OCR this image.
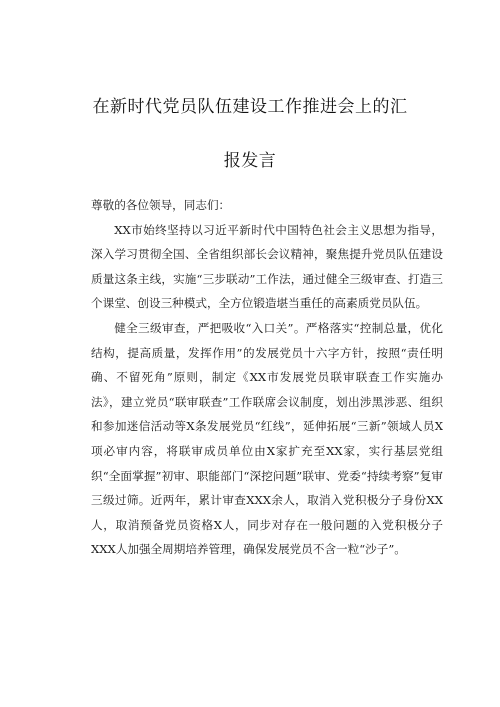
在新时代党员队伍建设工作推进会上的汇
报发言

尊敬的各位领导，同志们：

XX市始终坚持以习近平新时代中国特色社会主义思想为指导，深入学习贯彻全国、全省组织部长会议精神，聚焦提升党员队伍建设质量这条主线，实施“三步联动”工作法，通过健全三级审查、打造三个课堂、创设三种模式，全方位锻造堪当重任的高素质党员队伍。

健全三级审查，严把吸收“入口关”。严格落实“控制总量，优化结构，提高质量，发挥作用”的发展党员十六字方针，按照“责任明确、不留死角”原则，制定《XX市发展党员联审联查工作实施办法》，建立党员“联审联查”工作联席会议制度，划出涉黑涉恶、组织和参加迷信活动等X条发展党员“红线”，延伸拓展“三新”领域人员X项必审内容，将联审成员单位由X家扩充至XX家，实行基层党组织“全面掌握”初审、职能部门“深挖问题”联审、党委“持续考察”复审三级过筛。近两年，累计审查XXX余人，取消入党积极分子身份XX人，取消预备党员资格X人，同步对存在一般问题的入党积极分子XXX人加强全周期培养管理，确保发展党员不含一粒“沙子”。
